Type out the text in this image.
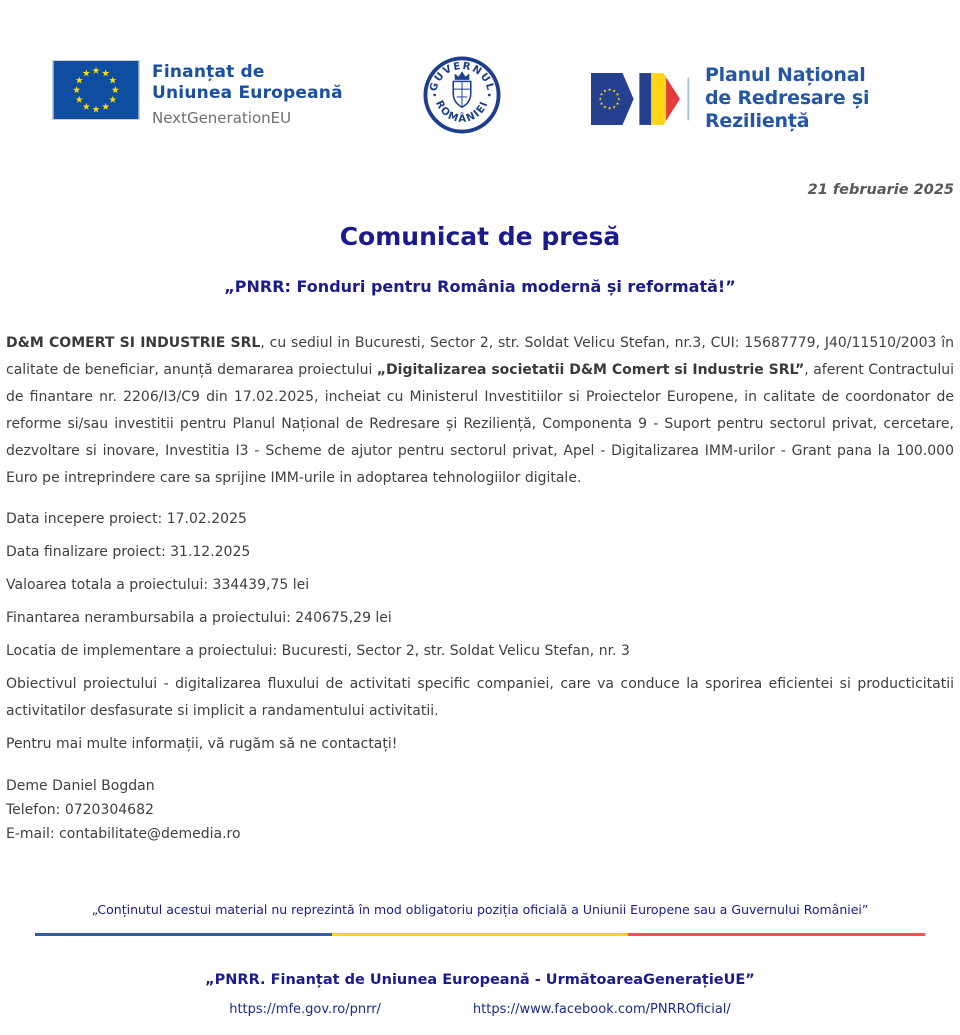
Finanțat de
Uniunea Europeană
NextGenerationEU
GUVERNUL
ROMÂNIEI
Planul Național
de Redresare și Reziliență
21 februarie 2025
Comunicat de presă
„PNRR: Fonduri pentru România modernă și reformată!”

D&M COMERT SI INDUSTRIE SRL, cu sediul in Bucuresti, Sector 2, str. Soldat Velicu Stefan, nr.3, CUI: 15687779, J40/11510/2003 în calitate de beneficiar, anunță demararea proiectului „Digitalizarea societatii D&M Comert si Industrie SRL”, aferent Contractului de finantare nr. 2206/I3/C9 din 17.02.2025, incheiat cu Ministerul Investitiilor si Proiectelor Europene, in calitate de coordonator de reforme si/sau investitii pentru Planul Național de Redresare și Reziliență, Componenta 9 - Suport pentru sectorul privat, cercetare, dezvoltare si inovare, Investitia I3 - Scheme de ajutor pentru sectorul privat, Apel - Digitalizarea IMM-urilor - Grant pana la 100.000 Euro pe intreprindere care sa sprijine IMM-urile in adoptarea tehnologiilor digitale.

Data incepere proiect: 17.02.2025

Data finalizare proiect: 31.12.2025

Valoarea totala a proiectului: 334439,75 lei

Finantarea nerambursabila a proiectului: 240675,29 lei

Locatia de implementare a proiectului: Bucuresti, Sector 2, str. Soldat Velicu Stefan, nr. 3

Obiectivul proiectului - digitalizarea fluxului de activitati specific companiei, care va conduce la sporirea eficientei si producticitatii activitatilor desfasurate si implicit a randamentului activitatii.

Pentru mai multe informații, vă rugăm să ne contactați!

Deme Daniel Bogdan

Telefon: 0720304682

E-mail: contabilitate@demedia.ro

„Conținutul acestui material nu reprezintă în mod obligatoriu poziția oficială a Uniunii Europene sau a Guvernului României”
„PNRR. Finanțat de Uniunea Europeană - UrmătoareaGenerațieUE”
https://mfe.gov.ro/pnrr/	https://www.facebook.com/PNRROficial/
